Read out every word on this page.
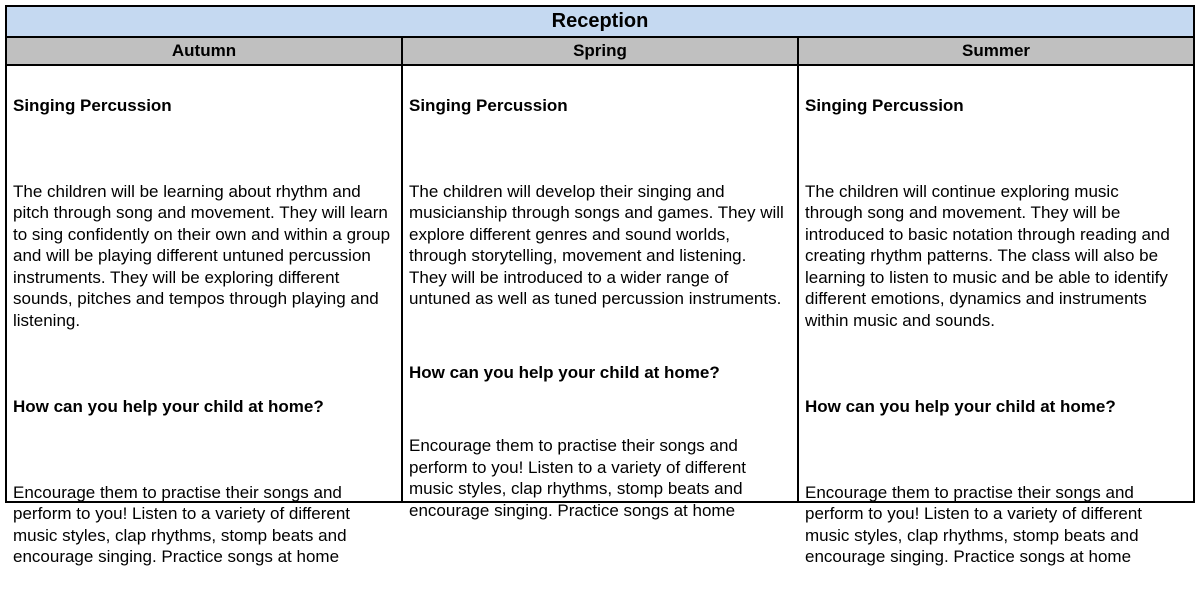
Reception
Autumn	Spring	Summer

Singing Percussion

The children will be learning about rhythm and pitch through song and movement. They will learn to sing confidently on their own and within a group and will be playing different untuned percussion instruments. They will be exploring different sounds, pitches and tempos through playing and listening.

How can you help your child at home?

Encourage them to practise their songs and perform to you! Listen to a variety of different music styles, clap rhythms, stomp beats and encourage singing. Practice songs at home

Singing Percussion

The children will develop their singing and musicianship through songs and games. They will explore different genres and sound worlds, through storytelling, movement and listening. They will be introduced to a wider range of untuned as well as tuned percussion instruments.

How can you help your child at home?

Encourage them to practise their songs and perform to you! Listen to a variety of different music styles, clap rhythms, stomp beats and encourage singing. Practice songs at home

Singing Percussion

The children will continue exploring music through song and movement. They will be introduced to basic notation through reading and creating rhythm patterns. The class will also be learning to listen to music and be able to identify different emotions, dynamics and instruments within music and sounds.

How can you help your child at home?

Encourage them to practise their songs and perform to you! Listen to a variety of different music styles, clap rhythms, stomp beats and encourage singing. Practice songs at home
